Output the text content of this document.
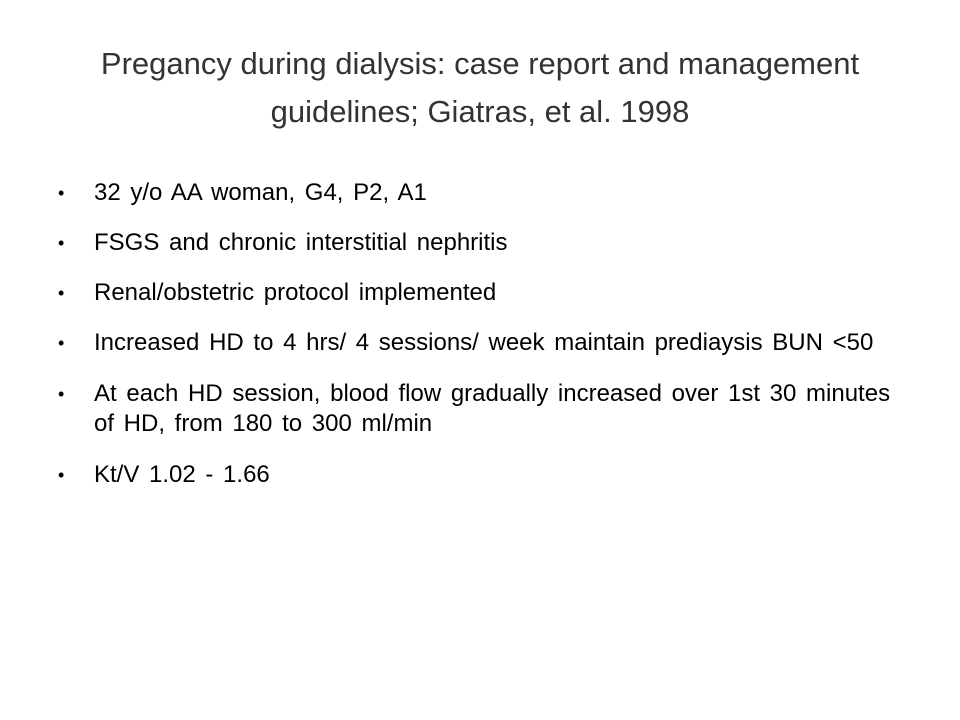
Pregancy during dialysis: case report and management guidelines; Giatras, et al. 1998
• 32 y/o AA woman, G4, P2, A1
• FSGS and chronic interstitial nephritis
• Renal/obstetric protocol implemented
• Increased HD to 4 hrs/ 4 sessions/ week maintain prediaysis BUN <50
• At each HD session, blood flow gradually increased over 1st 30 minutes of HD, from 180 to 300 ml/min
• Kt/V 1.02 - 1.66
